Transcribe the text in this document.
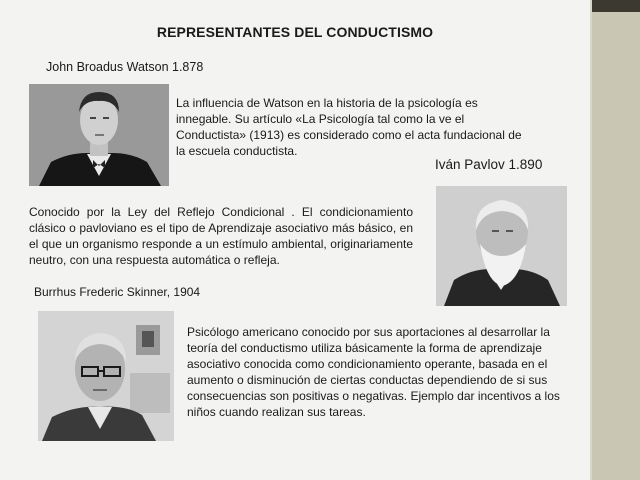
REPRESENTANTES DEL CONDUCTISMO
John Broadus Watson 1.878
La influencia de Watson en la historia de la psicología es innegable. Su artículo «La Psicología tal como la ve el Conductista» (1913) es considerado como el acta fundacional de la escuela conductista.
Iván Pavlov 1.890
Conocido por la Ley del Reflejo Condicional . El condicionamiento clásico o pavloviano es el tipo de Aprendizaje asociativo más básico, en el que un organismo responde a un estímulo ambiental, originariamente neutro, con una respuesta automática o refleja.
Burrhus Frederic Skinner, 1904
Psicólogo americano conocido por sus aportaciones al desarrollar la teoría del conductismo utiliza básicamente la forma de aprendizaje asociativo conocida como condicionamiento operante, basada en el aumento o disminución de ciertas conductas dependiendo de si sus consecuencias son positivas o negativas. Ejemplo dar incentivos a los niños cuando realizan sus tareas.
